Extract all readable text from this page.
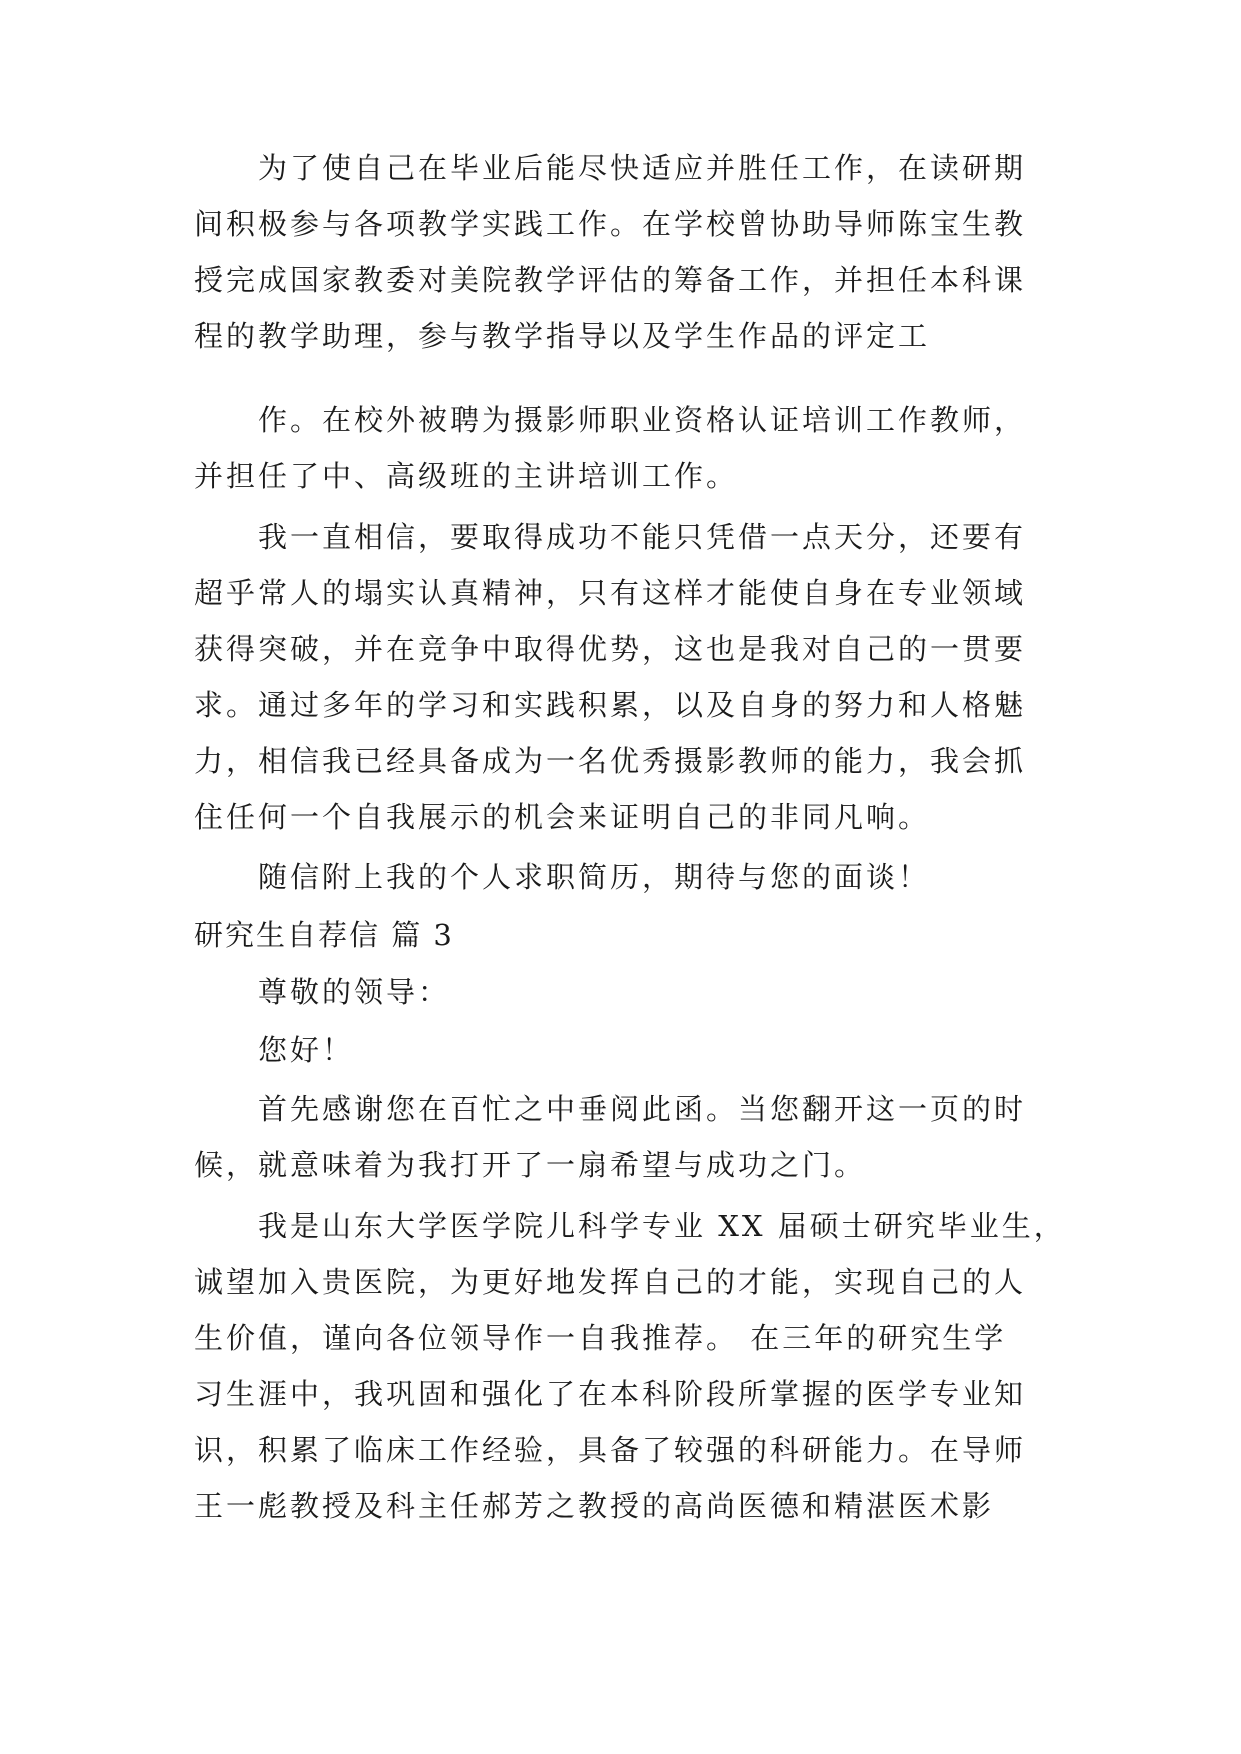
为了使自己在毕业后能尽快适应并胜任工作，在读研期
间积极参与各项教学实践工作。在学校曾协助导师陈宝生教
授完成国家教委对美院教学评估的筹备工作，并担任本科课
程的教学助理，参与教学指导以及学生作品的评定工
作。在校外被聘为摄影师职业资格认证培训工作教师，
并担任了中、高级班的主讲培训工作。
我一直相信，要取得成功不能只凭借一点天分，还要有
超乎常人的塌实认真精神，只有这样才能使自身在专业领域
获得突破，并在竞争中取得优势，这也是我对自己的一贯要
求。通过多年的学习和实践积累，以及自身的努力和人格魅
力，相信我已经具备成为一名优秀摄影教师的能力，我会抓
住任何一个自我展示的机会来证明自己的非同凡响。
随信附上我的个人求职简历，期待与您的面谈！
研究生自荐信 篇 3
尊敬的领导：
您好！
首先感谢您在百忙之中垂阅此函。当您翻开这一页的时
候，就意味着为我打开了一扇希望与成功之门。
我是山东大学医学院儿科学专业 XX 届硕士研究毕业生，
诚望加入贵医院，为更好地发挥自己的才能，实现自己的人
生价值，谨向各位领导作一自我推荐。 在三年的研究生学
习生涯中，我巩固和强化了在本科阶段所掌握的医学专业知
识，积累了临床工作经验，具备了较强的科研能力。在导师
王一彪教授及科主任郝芳之教授的高尚医德和精湛医术影
